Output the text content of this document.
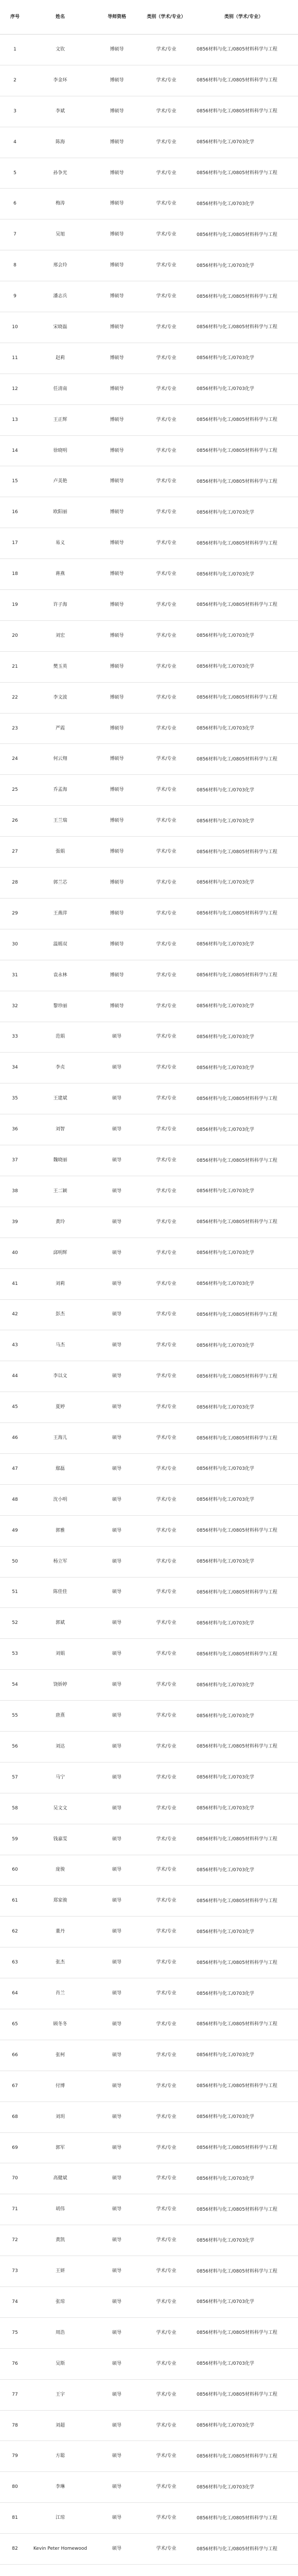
序号	姓名	导师资格	类别（学术/专业）	类别（学术/专业）
1	文钦	博硕导	学术/专业	0856材料与化工/0805材料科学与工程
2	李金环	博硕导	学术/专业	0856材料与化工/0805材料科学与工程
3	李斌	博硕导	学术/专业	0856材料与化工/0805材料科学与工程
4	陈海	博硕导	学术/专业	0856材料与化工/0703化学
5	孙争光	博硕导	学术/专业	0856材料与化工/0805材料科学与工程
6	梅涛	博硕导	学术/专业	0856材料与化工/0703化学
7	吴旭	博硕导	学术/专业	0856材料与化工/0805材料科学与工程
8	邢会玲	博硕导	学术/专业	0856材料与化工/0703化学
9	潘志兵	博硕导	学术/专业	0856材料与化工/0805材料科学与工程
10	宋晓磊	博硕导	学术/专业	0856材料与化工/0805材料科学与工程
11	赵莉	博硕导	学术/专业	0856材料与化工/0703化学
12	任清南	博硕导	学术/专业	0856材料与化工/0703化学
13	王正辉	博硕导	学术/专业	0856材料与化工/0805材料科学与工程
14	徐晓明	博硕导	学术/专业	0856材料与化工/0805材料科学与工程
15	卢美艳	博硕导	学术/专业	0856材料与化工/0805材料科学与工程
16	欧阳丽	博硕导	学术/专业	0856材料与化工/0703化学
17	易义	博硕导	学术/专业	0856材料与化工/0805材料科学与工程
18	蒋燕	博硕导	学术/专业	0856材料与化工/0703化学
19	许子海	博硕导	学术/专业	0856材料与化工/0805材料科学与工程
20	刘宏	博硕导	学术/专业	0856材料与化工/0703化学
21	樊玉英	博硕导	学术/专业	0856材料与化工/0703化学
22	李文波	博硕导	学术/专业	0856材料与化工/0805材料科学与工程
23	严霞	博硕导	学术/专业	0856材料与化工/0703化学
24	何云翔	博硕导	学术/专业	0856材料与化工/0805材料科学与工程
25	乔孟海	博硕导	学术/专业	0856材料与化工/0703化学
26	王兰瑞	博硕导	学术/专业	0856材料与化工/0703化学
27	張娟	博硕导	学术/专业	0856材料与化工/0805材料科学与工程
28	郭兰芯	博硕导	学术/专业	0856材料与化工/0703化学
29	王燕萍	博硕导	学术/专业	0856材料与化工/0805材料科学与工程
30	温嫣双	博硕导	学术/专业	0856材料与化工/0703化学
31	袁永林	博硕导	学术/专业	0856材料与化工/0805材料科学与工程
32	黎珍丽	博硕导	学术/专业	0856材料与化工/0703化学
33	范娟	硕导	学术/专业	0856材料与化工/0703化学
34	李贞	硕导	学术/专业	0856材料与化工/0703化学
35	王建斌	硕导	学术/专业	0856材料与化工/0805材料科学与工程
36	刘智	硕导	学术/专业	0856材料与化工/0703化学
37	魏晓丽	硕导	学术/专业	0856材料与化工/0805材料科学与工程
38	王二颖	硕导	学术/专业	0856材料与化工/0703化学
39	黄玲	硕导	学术/专业	0856材料与化工/0805材料科学与工程
40	邱明辉	硕导	学术/专业	0856材料与化工/0703化学
41	刘莉	硕导	学术/专业	0856材料与化工/0703化学
42	彭杰	硕导	学术/专业	0856材料与化工/0805材料科学与工程
43	马杰	硕导	学术/专业	0856材料与化工/0703化学
44	李以文	硕导	学术/专业	0856材料与化工/0805材料科学与工程
45	夏婷	硕导	学术/专业	0856材料与化工/0703化学
46	王海儿	硕导	学术/专业	0856材料与化工/0805材料科学与工程
47	鄢磊	硕导	学术/专业	0856材料与化工/0703化学
48	沈小明	硕导	学术/专业	0856材料与化工/0703化学
49	郭雅	硕导	学术/专业	0856材料与化工/0805材料科学与工程
50	杨立军	硕导	学术/专业	0856材料与化工/0703化学
51	陈佳佳	硕导	学术/专业	0856材料与化工/0805材料科学与工程
52	郭斌	硕导	学术/专业	0856材料与化工/0703化学
53	刘娟	硕导	学术/专业	0856材料与化工/0805材料科学与工程
54	饶娇婷	硕导	学术/专业	0856材料与化工/0703化学
55	唐熹	硕导	学术/专业	0856材料与化工/0703化学
56	刘达	硕导	学术/专业	0856材料与化工/0805材料科学与工程
57	马宁	硕导	学术/专业	0856材料与化工/0703化学
58	吴文文	硕导	学术/专业	0856材料与化工/0703化学
59	钱嘉雯	硕导	学术/专业	0856材料与化工/0805材料科学与工程
60	庞骏	硕导	学术/专业	0856材料与化工/0703化学
61	郑家骏	硕导	学术/专业	0856材料与化工/0805材料科学与工程
62	董丹	硕导	学术/专业	0856材料与化工/0703化学
63	张杰	硕导	学术/专业	0856材料与化工/0805材料科学与工程
64	肖兰	硕导	学术/专业	0856材料与化工/0703化学
65	顾冬冬	硕导	学术/专业	0856材料与化工/0805材料科学与工程
66	张柯	硕导	学术/专业	0856材料与化工/0703化学
67	付博	硕导	学术/专业	0856材料与化工/0805材料科学与工程
68	刘玥	硕导	学术/专业	0856材料与化工/0703化学
69	郭军	硕导	学术/专业	0856材料与化工/0805材料科学与工程
70	高健斌	硕导	学术/专业	0856材料与化工/0703化学
71	胡伟	硕导	学术/专业	0856材料与化工/0805材料科学与工程
72	黄凯	硕导	学术/专业	0856材料与化工/0703化学
73	王妍	硕导	学术/专业	0856材料与化工/0805材料科学与工程
74	张琼	硕导	学术/专业	0856材料与化工/0703化学
75	周浩	硕导	学术/专业	0856材料与化工/0805材料科学与工程
76	吴斯	硕导	学术/专业	0856材料与化工/0703化学
77	王宇	硕导	学术/专业	0856材料与化工/0805材料科学与工程
78	刘超	硕导	学术/专业	0856材料与化工/0703化学
79	方聪	硕导	学术/专业	0856材料与化工/0805材料科学与工程
80	李琳	硕导	学术/专业	0856材料与化工/0703化学
81	江琼	硕导	学术/专业	0856材料与化工/0805材料科学与工程
82	Kevin Peter Homewood	硕导	学术/专业	0856材料与化工/0805材料科学与工程
